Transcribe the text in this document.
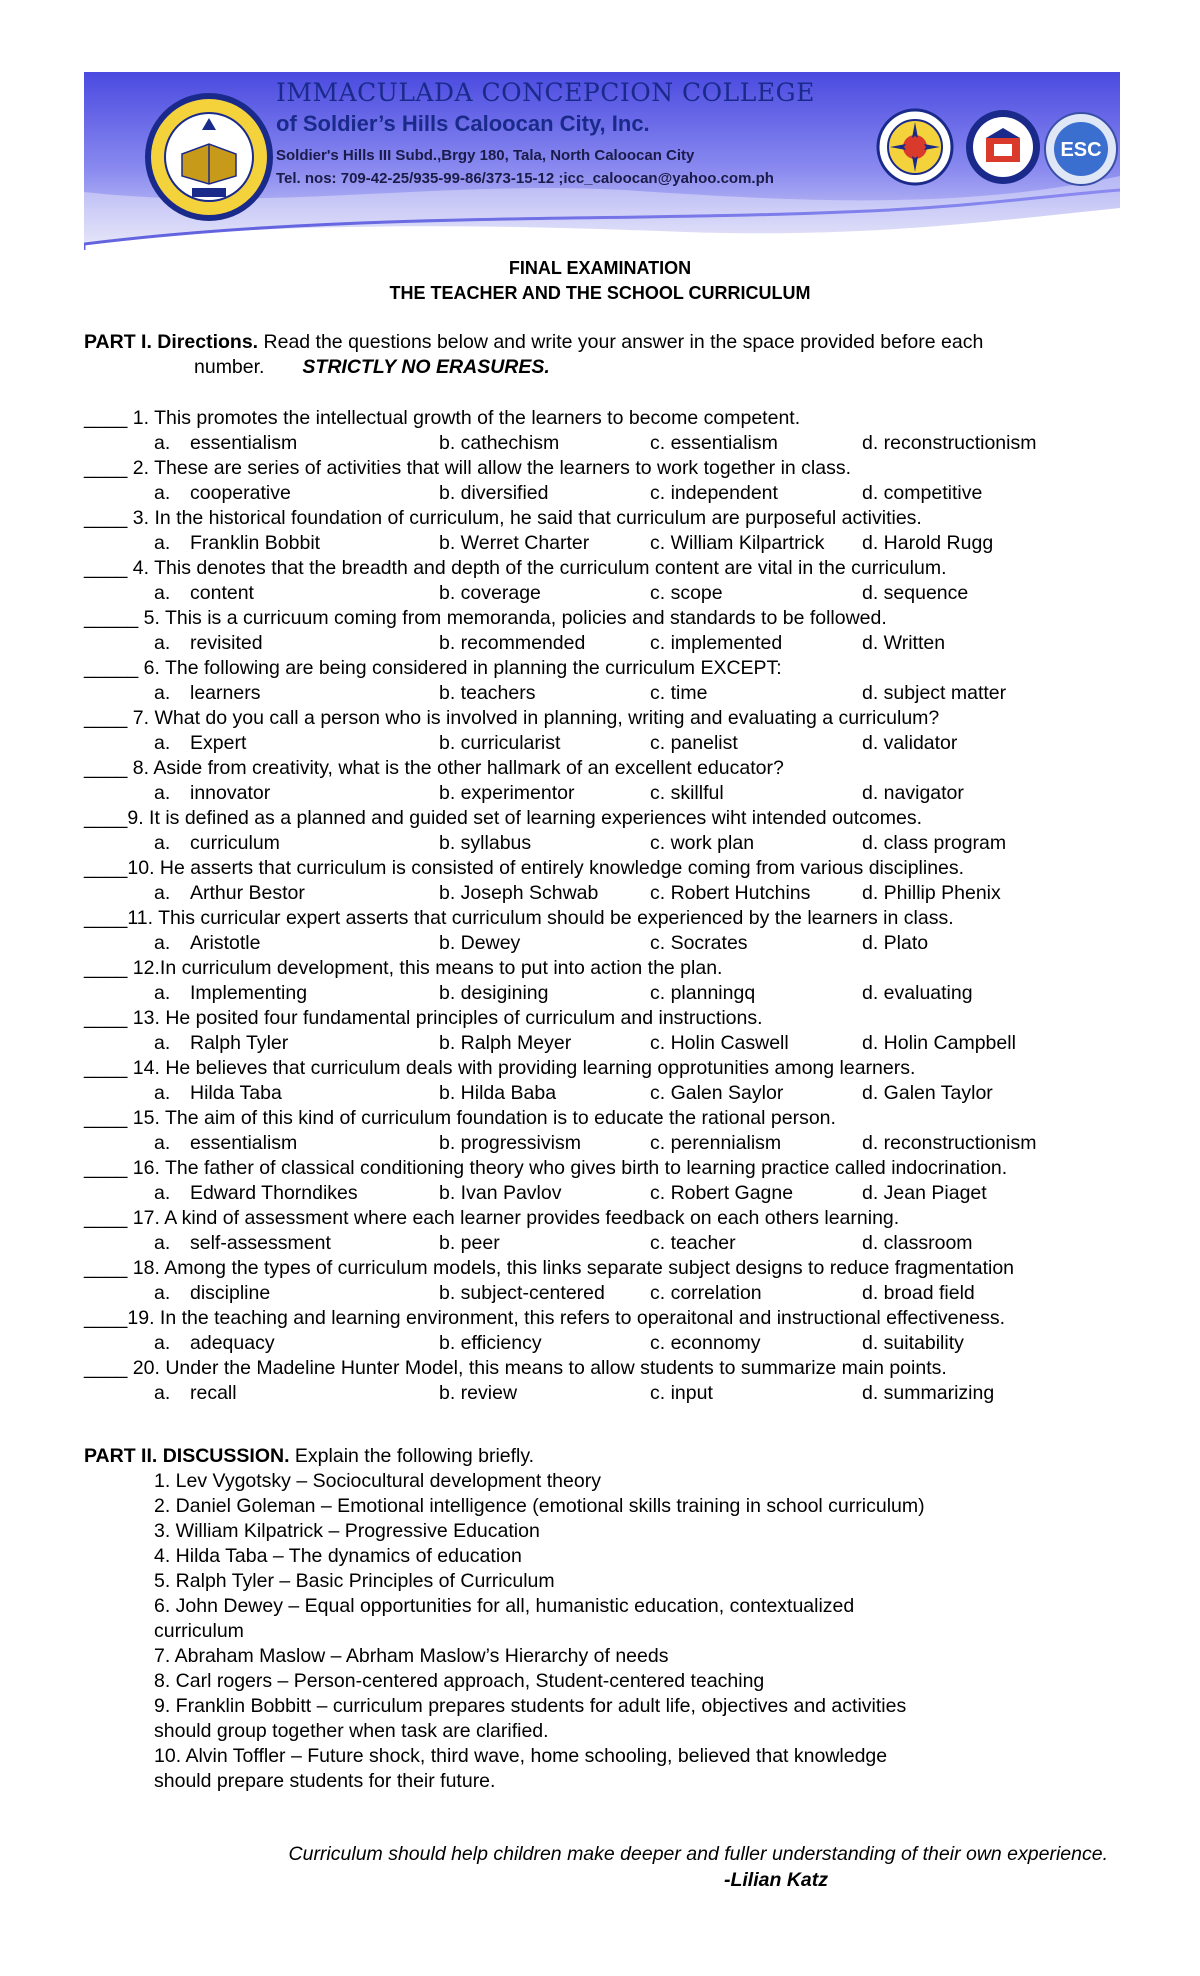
IMMACULADA CONCEPCION COLLEGE
of Soldier’s Hills Caloocan City, Inc.
Soldier's Hills III Subd.,Brgy 180, Tala, North Caloocan City
Tel. nos: 709-42-25/935-99-86/373-15-12 ;icc_caloocan@yahoo.com.ph
ESC
FINAL EXAMINATION
THE TEACHER AND THE SCHOOL CURRICULUM
PART I. Directions. Read the questions below and write your answer in the space provided before each
number. STRICTLY NO ERASURES.
____ 1. This promotes the intellectual growth of the learners to become competent.
a. essentialism	b. cathechism	c. essentialism	d. reconstructionism
____ 2. These are series of activities that will allow the learners to work together in class.
a. cooperative	b. diversified	c. independent	d. competitive
____ 3. In the historical foundation of curriculum, he said that curriculum are purposeful activities.
a. Franklin Bobbit	b. Werret Charter	c. William Kilpartrick d. Harold Rugg
____ 4. This denotes that the breadth and depth of the curriculum content are vital in the curriculum.
a. content	b. coverage	c. scope	d. sequence
_____ 5. This is a curricuum coming from memoranda, policies and standards to be followed.
a. revisited	b. recommended	c. implemented	d. Written
_____ 6. The following are being considered in planning the curriculum EXCEPT:
a. learners	b. teachers	c. time	d. subject matter
____ 7. What do you call a person who is involved in planning, writing and evaluating a curriculum?
a. Expert	b. curricularist	c. panelist	d. validator
____ 8. Aside from creativity, what is the other hallmark of an excellent educator?
a. innovator	b. experimentor	c. skillful	d. navigator
____9. It is defined as a planned and guided set of learning experiences wiht intended outcomes.
a. curriculum	b. syllabus	c. work plan	d. class program
____10. He asserts that curriculum is consisted of entirely knowledge coming from various disciplines.
a. Arthur Bestor	b. Joseph Schwab	c. Robert Hutchins	d. Phillip Phenix
____11. This curricular expert asserts that curriculum should be experienced by the learners in class.
a. Aristotle	b. Dewey	c. Socrates	d. Plato
____ 12.In curriculum development, this means to put into action the plan.
a. Implementing	b. desigining	c. planningq	d. evaluating
____ 13. He posited four fundamental principles of curriculum and instructions.
a. Ralph Tyler	b. Ralph Meyer	c. Holin Caswell	d. Holin Campbell
____ 14. He believes that curriculum deals with providing learning opprotunities among learners.
a. Hilda Taba	b. Hilda Baba	c. Galen Saylor	d. Galen Taylor
____ 15. The aim of this kind of curriculum foundation is to educate the rational person.
a. essentialism	b. progressivism	c. perennialism	d. reconstructionism
____ 16. The father of classical conditioning theory who gives birth to learning practice called indocrination.
a. Edward Thorndikes	b. Ivan Pavlov	c. Robert Gagne	d. Jean Piaget
____ 17. A kind of assessment where each learner provides feedback on each others learning.
a. self-assessment	b. peer	c. teacher	d. classroom
____ 18. Among the types of curriculum models, this links separate subject designs to reduce fragmentation
a. discipline	b. subject-centered c. correlation	d. broad field
____19. In the teaching and learning environment, this refers to operaitonal and instructional effectiveness.
a. adequacy	b. efficiency	c. econnomy	d. suitability
____ 20. Under the Madeline Hunter Model, this means to allow students to summarize main points.
a. recall	b. review	c. input	d. summarizing
PART II. DISCUSSION. Explain the following briefly.
1. Lev Vygotsky – Sociocultural development theory
2. Daniel Goleman – Emotional intelligence (emotional skills training in school curriculum)
3. William Kilpatrick – Progressive Education
4. Hilda Taba – The dynamics of education
5. Ralph Tyler – Basic Principles of Curriculum
6. John Dewey – Equal opportunities for all, humanistic education, contextualized curriculum
7. Abraham Maslow – Abrham Maslow’s Hierarchy of needs
8. Carl rogers – Person-centered approach, Student-centered teaching
9. Franklin Bobbitt – curriculum prepares students for adult life, objectives and activities should group together when task are clarified.
10. Alvin Toffler – Future shock, third wave, home schooling, believed that knowledge should prepare students for their future.
Curriculum should help children make deeper and fuller understanding of their own experience.
-Lilian Katz
